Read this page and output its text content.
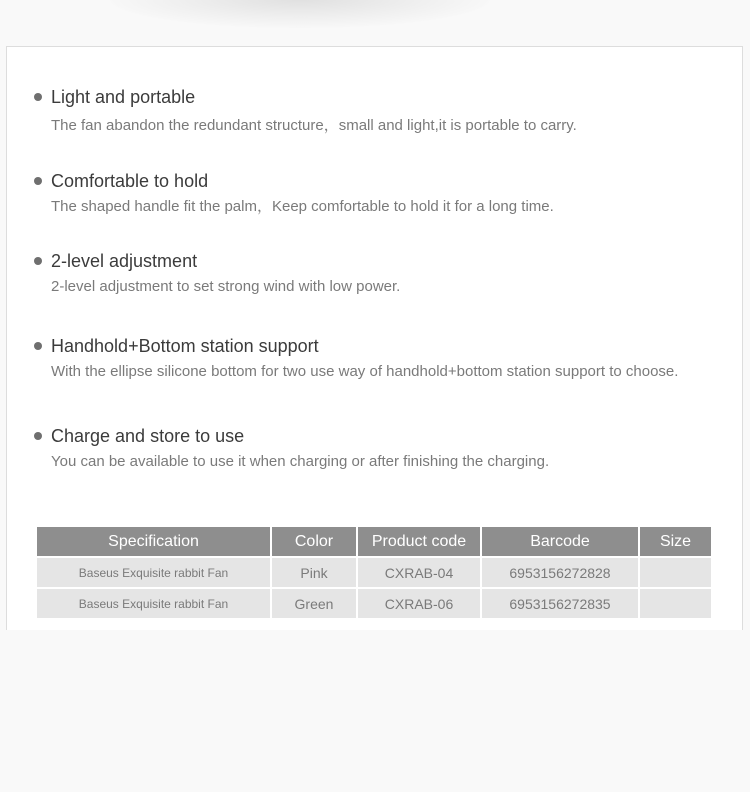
Light and portable
The fan abandon the redundant structure，small and light,it is portable to carry.
Comfortable to hold
The shaped handle fit the palm，Keep comfortable to hold it for a long time.
2-level adjustment
2-level adjustment to set strong wind with low power.
Handhold+Bottom station support
With the ellipse silicone bottom for two use way of handhold+bottom station support to choose.
Charge and store to use
You can be available to use it when charging or after finishing the charging.
Specification	Color	Product code	Barcode	Size
Baseus Exquisite rabbit Fan	Pink	CXRAB-04	6953156272828	
Baseus Exquisite rabbit Fan	Green	CXRAB-06	6953156272835	
